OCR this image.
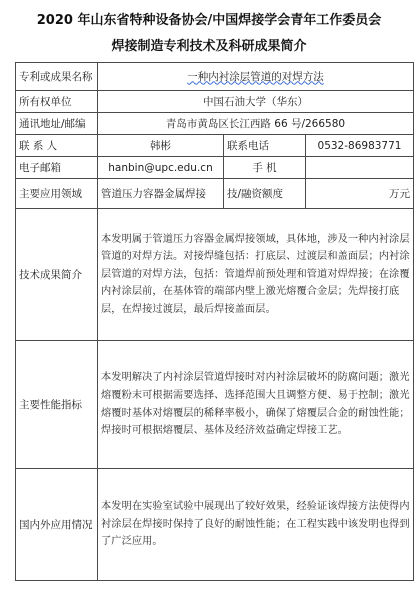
2020 年山东省特种设备协会/中国焊接学会青年工作委员会
焊接制造专利技术及科研成果简介
专利或成果名称	一种内衬涂层管道的对焊方法		
所有权单位	中国石油大学（华东）		
通讯地址/邮编	青岛市黄岛区长江西路 66 号/266580		
联 系 人	韩彬	联系电话	0532-86983771
电子邮箱	hanbin@upc.edu.cn	手 机	
主要应用领域	管道压力容器金属焊接	技/融资额度	万元
技术成果简介	本发明属于管道压力容器金属焊接领域，具体地，涉及一种内衬涂层管道的对焊方法。对接焊缝包括：打底层、过渡层和盖面层；内衬涂层管道的对焊方法，包括：管道焊前预处理和管道对焊焊接；在涂覆内衬涂层前，在基体管的端部内壁上激光熔覆合金层；先焊接打底层，在焊接过渡层，最后焊接盖面层。		
主要性能指标	本发明解决了内衬涂层管道焊接时对内衬涂层破坏的防腐问题；激光熔覆粉末可根据需要选择、选择范围大且调整方便、易于控制；激光熔覆时基体对熔覆层的稀释率极小，确保了熔覆层合金的耐蚀性能；焊接时可根据熔覆层、基体及经济效益确定焊接工艺。		
国内外应用情况	本发明在实验室试验中展现出了较好效果，经验证该焊接方法使得内衬涂层在焊接时保持了良好的耐蚀性能；在工程实践中该发明也得到了广泛应用。		
